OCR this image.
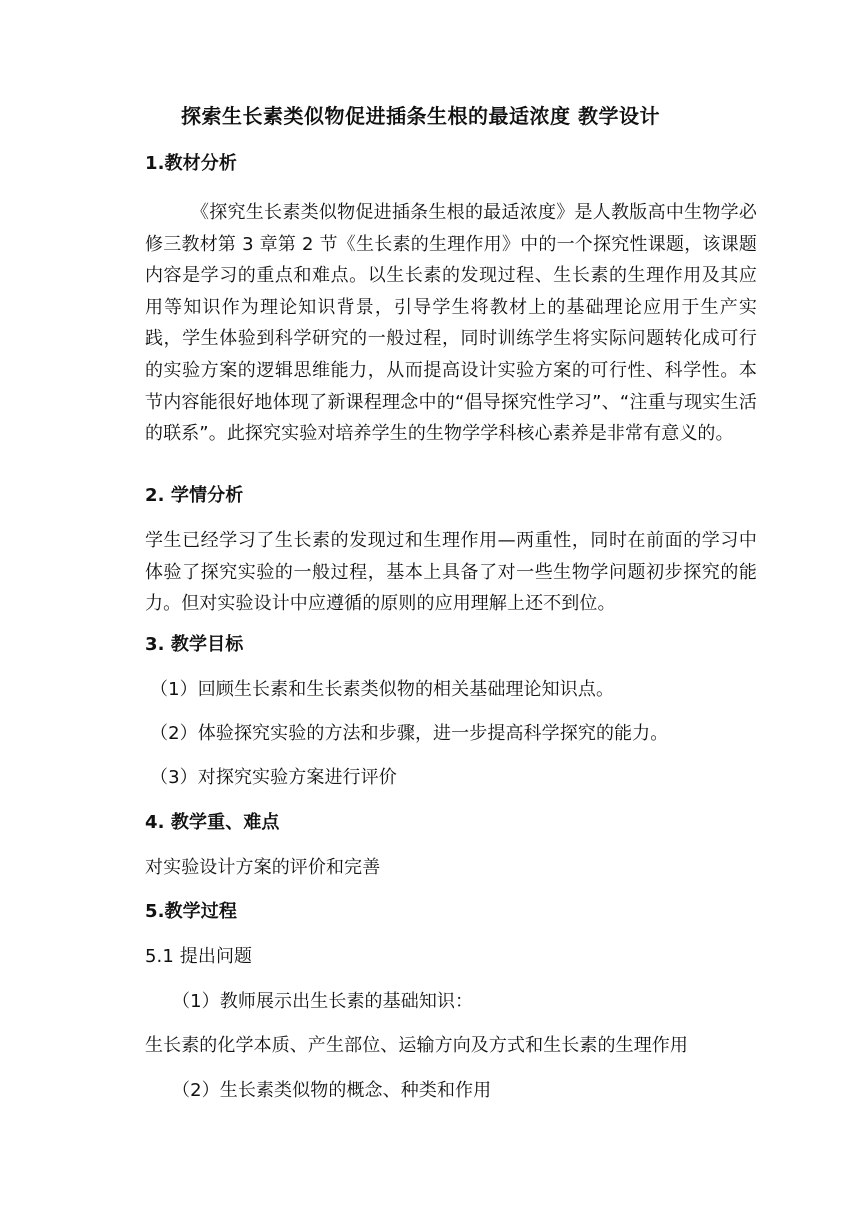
探索生长素类似物促进插条生根的最适浓度 教学设计
1.教材分析
《探究生长素类似物促进插条生根的最适浓度》是人教版高中生物学必修三教材第 3 章第 2 节《生长素的生理作用》中的一个探究性课题，该课题内容是学习的重点和难点。以生长素的发现过程、生长素的生理作用及其应用等知识作为理论知识背景，引导学生将教材上的基础理论应用于生产实践，学生体验到科学研究的一般过程，同时训练学生将实际问题转化成可行的实验方案的逻辑思维能力，从而提高设计实验方案的可行性、科学性。本节内容能很好地体现了新课程理念中的“倡导探究性学习”、“注重与现实生活的联系”。此探究实验对培养学生的生物学学科核心素养是非常有意义的。
2. 学情分析
学生已经学习了生长素的发现过和生理作用—两重性，同时在前面的学习中体验了探究实验的一般过程，基本上具备了对一些生物学问题初步探究的能力。但对实验设计中应遵循的原则的应用理解上还不到位。
3. 教学目标
（1）回顾生长素和生长素类似物的相关基础理论知识点。
（2）体验探究实验的方法和步骤，进一步提高科学探究的能力。
（3）对探究实验方案进行评价
4. 教学重、难点
对实验设计方案的评价和完善
5.教学过程
5.1 提出问题
（1）教师展示出生长素的基础知识：
生长素的化学本质、产生部位、运输方向及方式和生长素的生理作用
（2）生长素类似物的概念、种类和作用
